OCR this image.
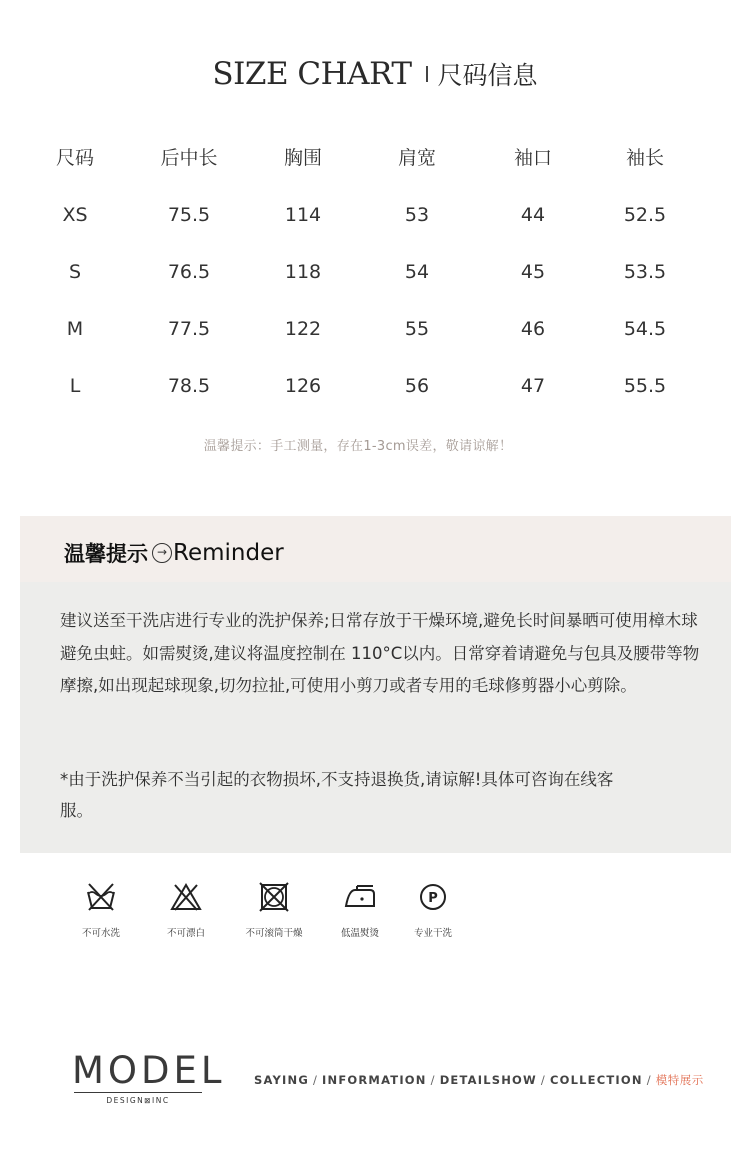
SIZE CHART 尺码信息
尺码	后中长	胸围	肩宽	袖口	袖长
XS	75.5	114	53	44	52.5
S	76.5	118	54	45	53.5
M	77.5	122	55	46	54.5
L	78.5	126	56	47	55.5
温馨提示：手工测量，存在1-3cm误差，敬请谅解！
温馨提示 → Reminder

建议送至干洗店进行专业的洗护保养;日常存放于干燥环境,避免长时间暴晒可使用樟木球避免虫蛀。如需熨烫,建议将温度控制在 110°C以内。日常穿着请避免与包具及腰带等物摩擦,如出现起球现象,切勿拉扯,可使用小剪刀或者专用的毛球修剪器小心剪除。

*由于洗护保养不当引起的衣物损坏,不支持退换货,请谅解!具体可咨询在线客服。

不可水洗	不可漂白	不可滚筒干燥	低温熨烫
P
专业干洗
MODEL
DESIGN⊠INC
SAYING / INFORMATION / DETAILSHOW / COLLECTION / 模特展示
